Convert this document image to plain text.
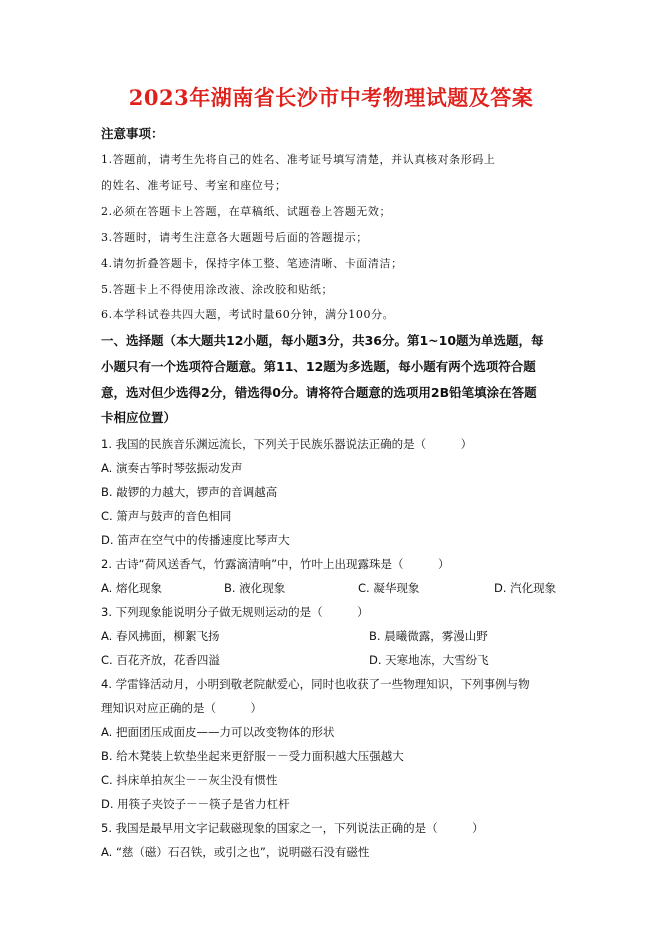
2023年湖南省长沙市中考物理试题及答案
注意事项：
1.答题前，请考生先将自己的姓名、准考证号填写清楚，并认真核对条形码上
的姓名、准考证号、考室和座位号；
2.必须在答题卡上答题，在草稿纸、试题卷上答题无效；
3.答题时，请考生注意各大题题号后面的答题提示；
4.请勿折叠答题卡，保持字体工整、笔迹清晰、卡面清洁；
5.答题卡上不得使用涂改液、涂改胶和贴纸；
6.本学科试卷共四大题，考试时量60分钟，满分100分。
一、选择题（本大题共12小题，每小题3分，共36分。第1~10题为单选题，每
小题只有一个选项符合题意。第11、12题为多选题，每小题有两个选项符合题
意，选对但少选得2分，错选得0分。请将符合题意的选项用2B铅笔填涂在答题
卡相应位置）
1. 我国的民族音乐渊远流长，下列关于民族乐器说法正确的是（　　　）
A. 演奏古筝时琴弦振动发声
B. 敲锣的力越大，锣声的音调越高
C. 箫声与鼓声的音色相同
D. 笛声在空气中的传播速度比琴声大
2. 古诗“荷风送香气，竹露滴清响”中，竹叶上出现露珠是（　　　）
A. 熔化现象	B. 液化现象	C. 凝华现象	D. 汽化现象
3. 下列现象能说明分子做无规则运动的是（　　　）
A. 春风拂面，柳絮飞扬	B. 晨曦微露，雾漫山野
C. 百花齐放，花香四溢	D. 天寒地冻，大雪纷飞
4. 学雷锋活动月，小明到敬老院献爱心，同时也收获了一些物理知识，下列事例与物
理知识对应正确的是（　　　）
A. 把面团压成面皮——力可以改变物体的形状
B. 给木凳装上软垫坐起来更舒服－－受力面积越大压强越大
C. 抖床单拍灰尘－－灰尘没有惯性
D. 用筷子夹饺子－－筷子是省力杠杆
5. 我国是最早用文字记载磁现象的国家之一，下列说法正确的是（　　　）
A. “慈（磁）石召铁，或引之也”，说明磁石没有磁性
